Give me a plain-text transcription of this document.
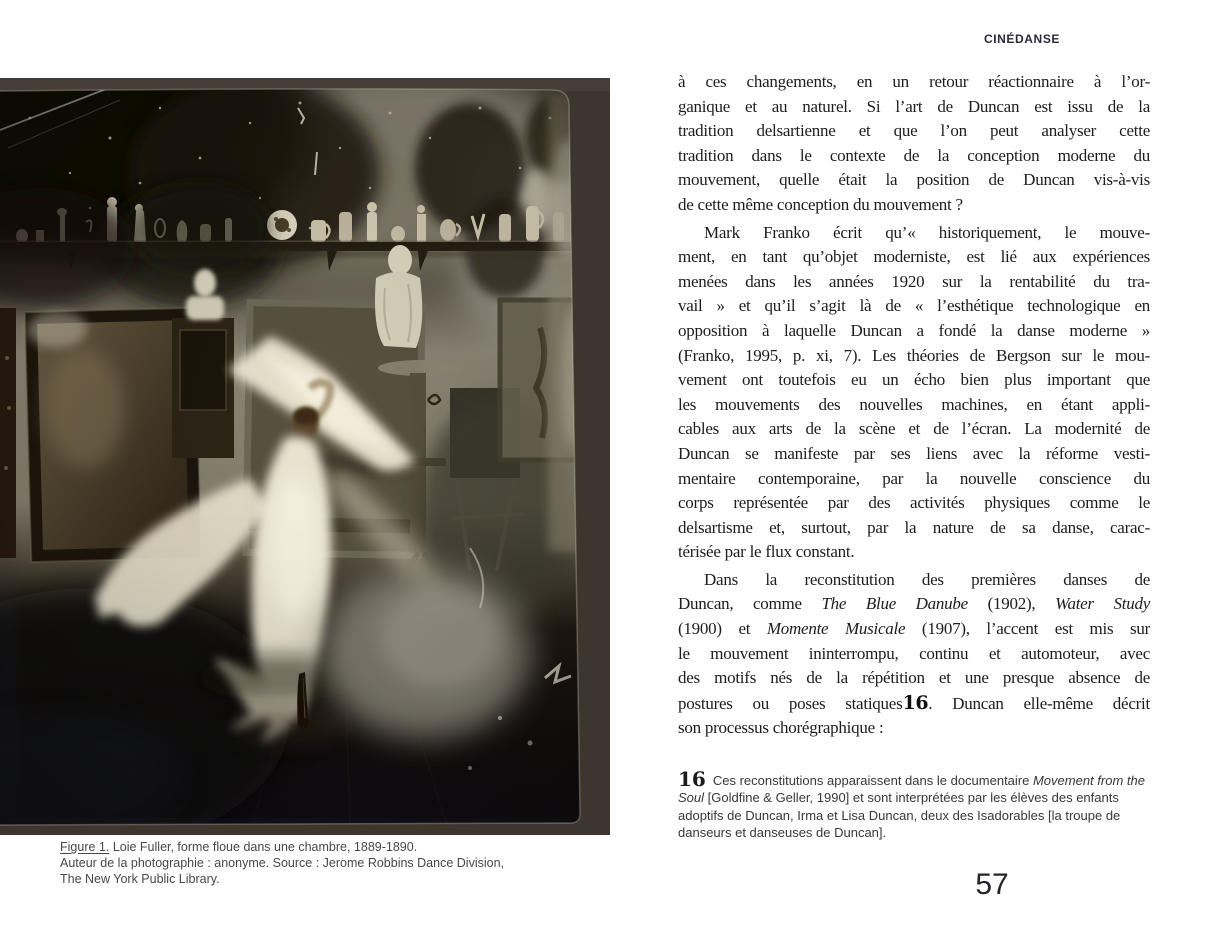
CINÉDANSE
Figure 1. Loie Fuller, forme floue dans une chambre, 1889-1890.
Auteur de la photographie : anonyme. Source : Jerome Robbins Dance Division,
The New York Public Library.
à ces changements, en un retour réactionnaire à l’or-
ganique et au naturel. Si l’art de Duncan est issu de la
tradition delsartienne et que l’on peut analyser cette
tradition dans le contexte de la conception moderne du
mouvement, quelle était la position de Duncan vis-à-vis
de cette même conception du mouvement ?
Mark Franko écrit qu’« historiquement, le mouve-
ment, en tant qu’objet moderniste, est lié aux expériences
menées dans les années 1920 sur la rentabilité du tra-
vail » et qu’il s’agit là de « l’esthétique technologique en
opposition à laquelle Duncan a fondé la danse moderne »
(Franko, 1995, p. xi, 7). Les théories de Bergson sur le mou-
vement ont toutefois eu un écho bien plus important que
les mouvements des nouvelles machines, en étant appli-
cables aux arts de la scène et de l’écran. La modernité de
Duncan se manifeste par ses liens avec la réforme vesti-
mentaire contemporaine, par la nouvelle conscience du
corps représentée par des activités physiques comme le
delsartisme et, surtout, par la nature de sa danse, carac-
térisée par le flux constant.
Dans la reconstitution des premières danses de
Duncan, comme The Blue Danube (1902), Water Study
(1900) et Momente Musicale (1907), l’accent est mis sur
le mouvement ininterrompu, continu et automoteur, avec
des motifs nés de la répétition et une presque absence de
postures ou poses statiques16. Duncan elle-même décrit
son processus chorégraphique :
16 Ces reconstitutions apparaissent dans le documentaire Movement from the Soul [Goldfine & Geller, 1990] et sont interprétées par les élèves des enfants adoptifs de Duncan, Irma et Lisa Duncan, deux des Isadorables [la troupe de danseurs et danseuses de Duncan].
57
